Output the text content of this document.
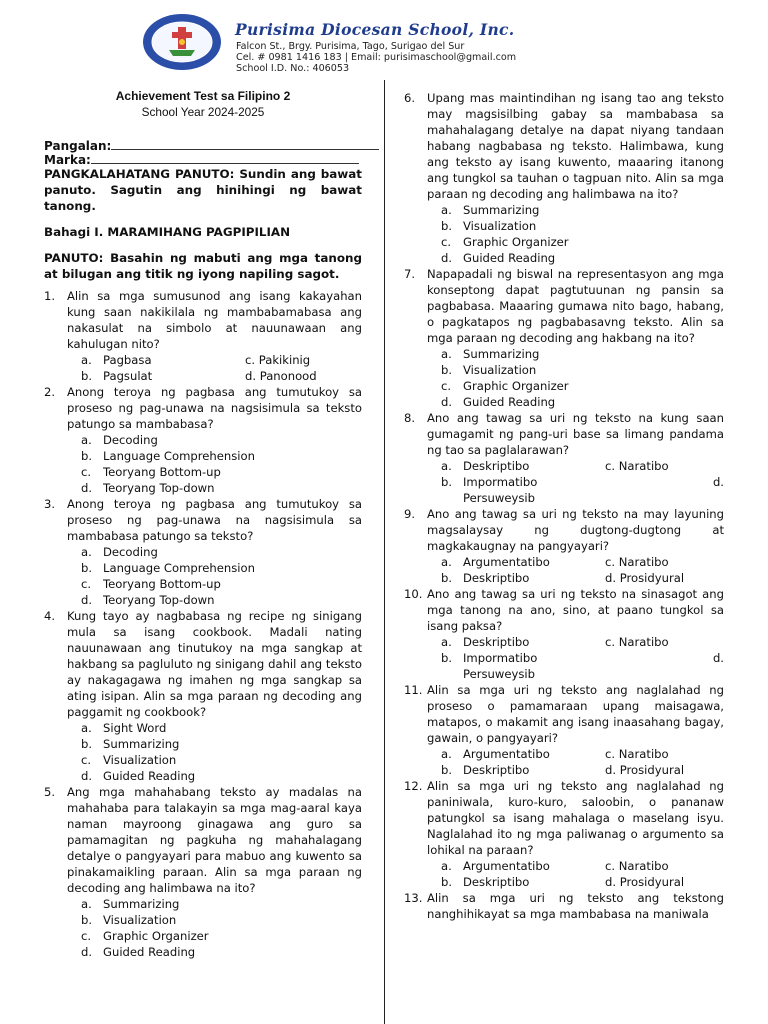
Purisima Diocesan School, Inc.
Falcon St., Brgy. Purisima, Tago, Surigao del Sur
Cel. # 0981 1416 183 | Email: purisimaschool@gmail.com
School I.D. No.: 406053
Achievement Test sa Filipino 2
School Year 2024-2025
Pangalan:
Marka:
PANGKALAHATANG PANUTO: Sundin ang bawat panuto. Sagutin ang hinihingi ng bawat tanong.
Bahagi I. MARAMIHANG PAGPIPILIAN
PANUTO: Basahin ng mabuti ang mga tanong at bilugan ang titik ng iyong napiling sagot.
1.	Alin sa mga sumusunod ang isang kakayahan kung saan nakikilala ng mambabamabasa ang nakasulat na simbolo at nauunawaan ang kahulugan nito?
a. Pagbasa	c. Pakikinig
b. Pagsulat	d. Panonood
2.	Anong teroya ng pagbasa ang tumutukoy sa proseso ng pag-unawa na nagsisimula sa teksto patungo sa mambabasa?
a. Decoding
b. Language Comprehension
c.	Teoryang Bottom-up
d. Teoryang Top-down
3.	Anong teroya ng pagbasa ang tumutukoy sa proseso ng pag-unawa na nagsisimula sa mambabasa patungo sa teksto?
a. Decoding
b. Language Comprehension
c.	Teoryang Bottom-up
d. Teoryang Top-down
4.	Kung tayo ay nagbabasa ng recipe ng sinigang mula sa isang cookbook. Madali nating nauunawaan ang tinutukoy na mga sangkap at hakbang sa pagluluto ng sinigang dahil ang teksto ay nakagagawa ng imahen ng mga sangkap sa ating isipan. Alin sa mga paraan ng decoding ang paggamit ng cookbook?
a. Sight Word
b. Summarizing
c.	Visualization
d. Guided Reading
5.	Ang mga mahahabang teksto ay madalas na mahahaba para talakayin sa mga mag-aaral kaya naman mayroong ginagawa ang guro sa pamamagitan ng pagkuha ng mahahalagang detalye o pangyayari para mabuo ang kuwento sa pinakamaikling paraan. Alin sa mga paraan ng decoding ang halimbawa na ito?
a. Summarizing
b. Visualization
c.	Graphic Organizer
d. Guided Reading
6.	Upang mas maintindihan ng isang tao ang teksto may magsisilbing gabay sa mambabasa sa mahahalagang detalye na dapat niyang tandaan habang nagbabasa ng teksto. Halimbawa, kung ang teksto ay isang kuwento, maaaring itanong ang tungkol sa tauhan o tagpuan nito. Alin sa mga paraan ng decoding ang halimbawa na ito?
a. Summarizing
b. Visualization
c.	Graphic Organizer
d. Guided Reading
7.	Napapadali ng biswal na representasyon ang mga konseptong dapat pagtutuunan ng pansin sa pagbabasa. Maaaring gumawa nito bago, habang, o pagkatapos ng pagbabasavng teksto. Alin sa mga paraan ng decoding ang hakbang na ito?
a. Summarizing
b. Visualization
c.	Graphic Organizer
d. Guided Reading
8.	Ano ang tawag sa uri ng teksto na kung saan gumagamit ng pang-uri base sa limang pandama ng tao sa paglalarawan?
a. Deskriptibo	c. Naratibo
b. Impormatibo	d.
Persuweysib
9.	Ano ang tawag sa uri ng teksto na may layuning magsalaysay ng dugtong-dugtong at magkakaugnay na pangyayari?
a. Argumentatibo	c. Naratibo
b. Deskriptibo	d. Prosidyural
10. Ano ang tawag sa uri ng teksto na sinasagot ang mga tanong na ano, sino, at paano tungkol sa isang paksa?
a. Deskriptibo	c. Naratibo
b. Impormatibo	d.
Persuweysib
11. Alin sa mga uri ng teksto ang naglalahad ng proseso o pamamaraan upang maisagawa, matapos, o makamit ang isang inaasahang bagay, gawain, o pangyayari?
a. Argumentatibo	c. Naratibo
b. Deskriptibo	d. Prosidyural
12. Alin sa mga uri ng teksto ang naglalahad ng paniniwala, kuro-kuro, saloobin, o pananaw patungkol sa isang mahalaga o maselang isyu. Naglalahad ito ng mga paliwanag o argumento sa lohikal na paraan?
a. Argumentatibo	c. Naratibo
b. Deskriptibo	d. Prosidyural
13. Alin sa mga uri ng teksto ang tekstong nanghihikayat sa mga mambabasa na maniwala
